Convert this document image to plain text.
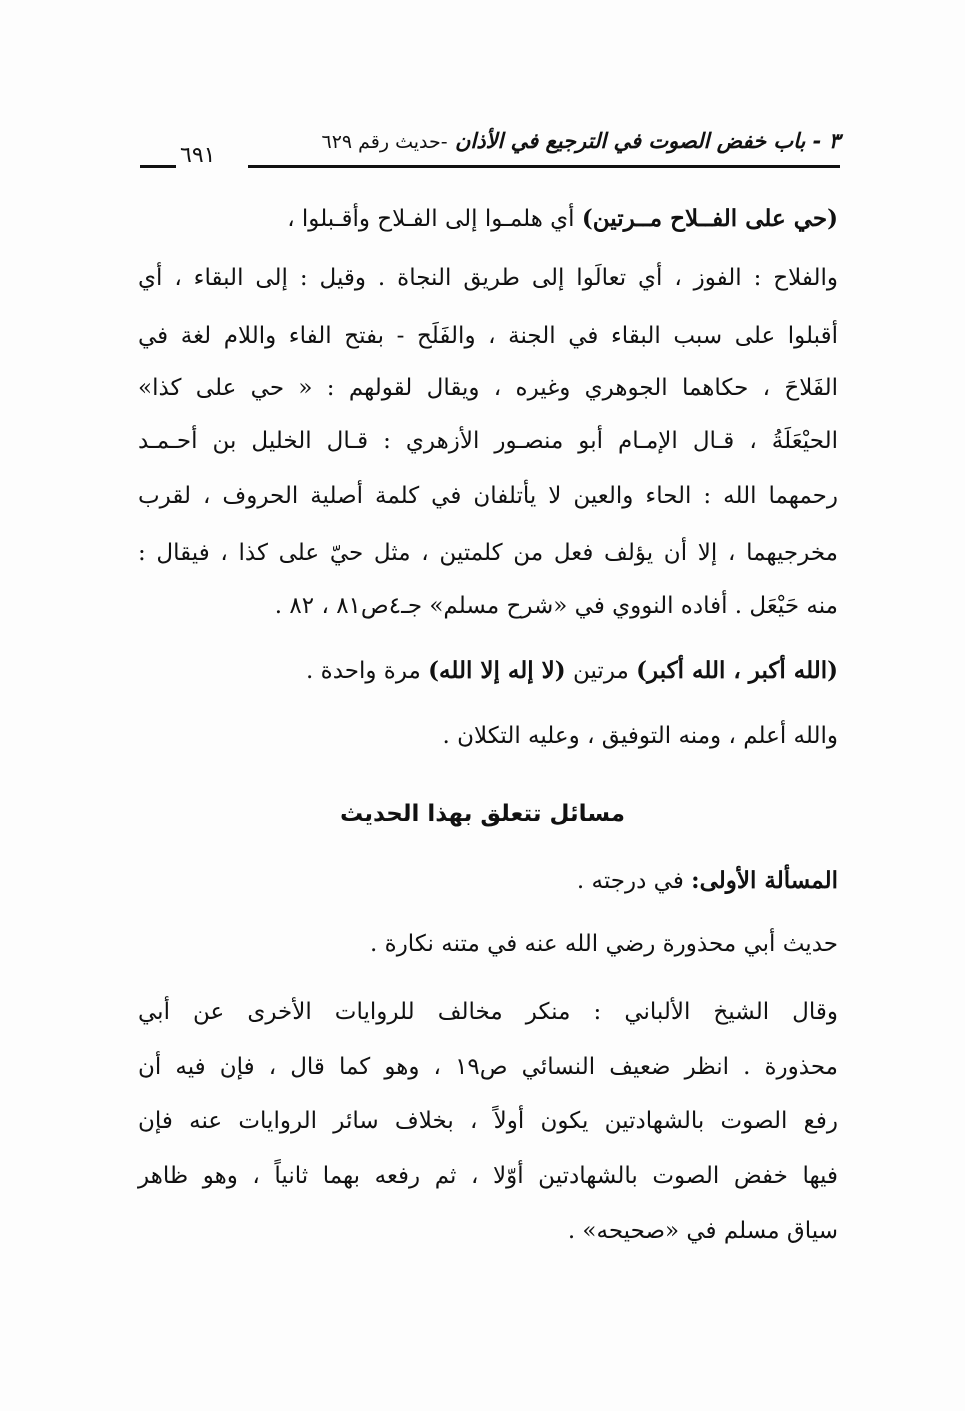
٣ - باب خفض الصوت في الترجيع في الأذان -حديث رقم ٦٢٩
٦٩١
(حي على الفــلاح مــرتين) أي هلمـوا إلى الفـلاح وأقـبلوا ،
والفلاح : الفوز ، أي تعالَوا إلى طريق النجاة . وقيل : إلى البقاء ، أي
أقبلوا على سبب البقاء في الجنة ، والفَلَح - بفتح الفاء واللام لغة في
الفَلاحَ ، حكاهما الجوهري وغيره ، ويقال لقولهم : « حي على كذا»
الحيْعَلَةُ ، قـال الإمـام أبو منصـور الأزهري : قـال الخليل بن أحـمـد
رحمهما الله : الحاء والعين لا يأتلفان في كلمة أصلية الحروف ، لقرب
مخرجيهما ، إلا أن يؤلف فعل من كلمتين ، مثل حيّ على كذا ، فيقال :
منه حَيْعَل . أفاده النووي في «شرح مسلم» جـ٤ص٨١ ، ٨٢ .
(الله أكبر ، الله أكبر) مرتين (لا إله إلا الله) مرة واحدة .
والله أعلم ، ومنه التوفيق ، وعليه التكلان .
مسائل تتعلق بهذا الحديث
المسألة الأولى: في درجته .
حديث أبي محذورة رضي الله عنه في متنه نكارة .
وقال الشيخ الألباني : منكر مخالف للروايات الأخرى عن أبي
محذورة . انظر ضعيف النسائي ص١٩ ، وهو كما قال ، فإن فيه أن
رفع الصوت بالشهادتين يكون أولاً ، بخلاف سائر الروايات عنه فإن
فيها خفض الصوت بالشهادتين أوّلا ، ثم رفعه بهما ثانياً ، وهو ظاهر
سياق مسلم في «صحيحه» .
